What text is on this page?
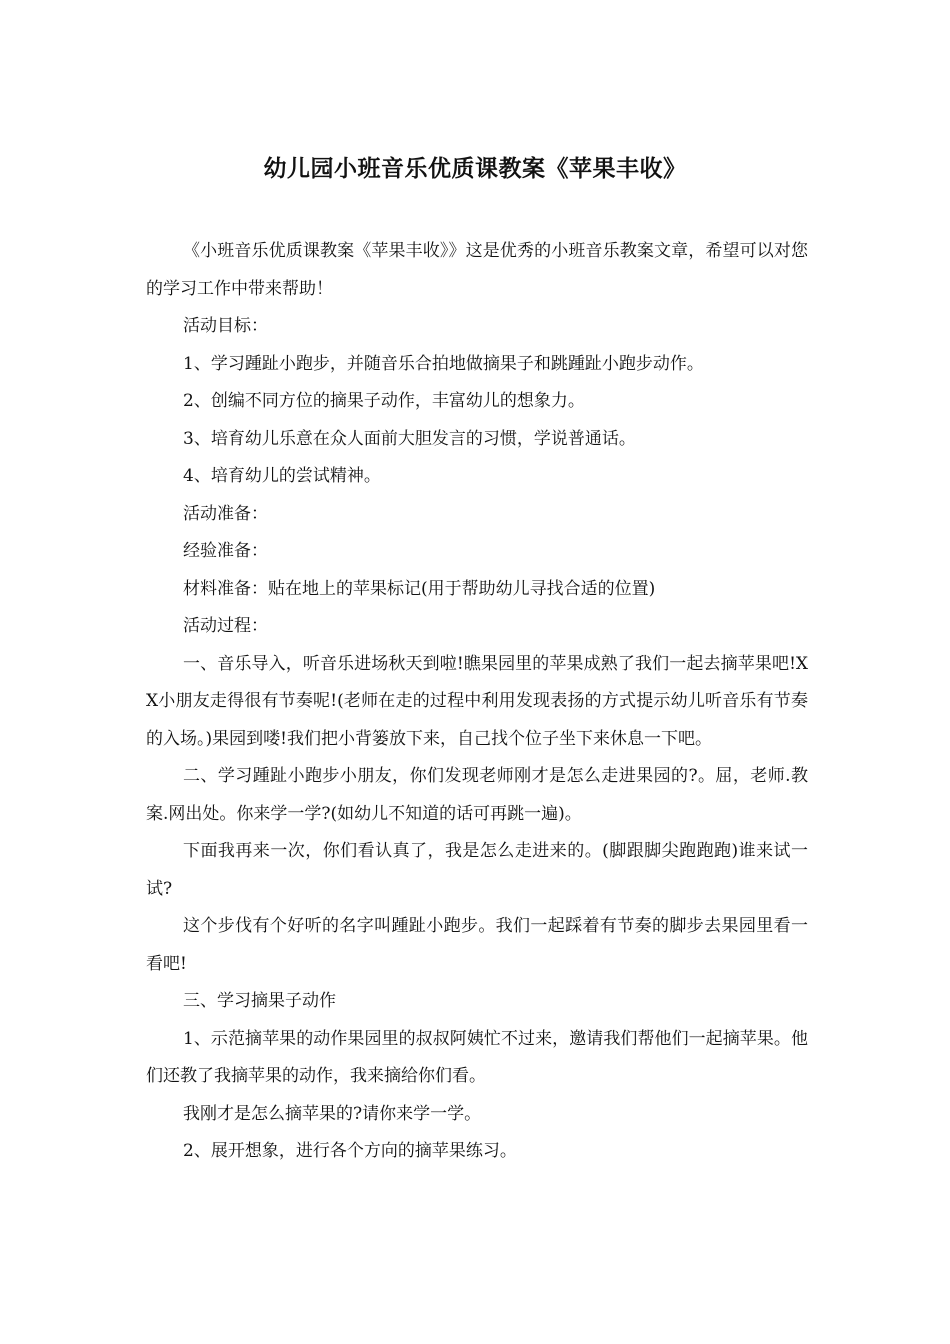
幼儿园小班音乐优质课教案《苹果丰收》

《小班音乐优质课教案《苹果丰收》》这是优秀的小班音乐教案文章，希望可以对您的学习工作中带来帮助！

活动目标：

1、学习踵趾小跑步，并随音乐合拍地做摘果子和跳踵趾小跑步动作。

2、创编不同方位的摘果子动作，丰富幼儿的想象力。

3、培育幼儿乐意在众人面前大胆发言的习惯，学说普通话。

4、培育幼儿的尝试精神。

活动准备：

经验准备：

材料准备：贴在地上的苹果标记(用于帮助幼儿寻找合适的位置)

活动过程：

一、音乐导入，听音乐进场秋天到啦!瞧果园里的苹果成熟了我们一起去摘苹果吧!XX小朋友走得很有节奏呢!(老师在走的过程中利用发现表扬的方式提示幼儿听音乐有节奏的入场。)果园到喽!我们把小背篓放下来，自己找个位子坐下来休息一下吧。

二、学习踵趾小跑步小朋友，你们发现老师刚才是怎么走进果园的?。屈，老师.教案.网出处。你来学一学?(如幼儿不知道的话可再跳一遍)。

下面我再来一次，你们看认真了，我是怎么走进来的。(脚跟脚尖跑跑跑)谁来试一试?

这个步伐有个好听的名字叫踵趾小跑步。我们一起踩着有节奏的脚步去果园里看一看吧!

三、学习摘果子动作

1、示范摘苹果的动作果园里的叔叔阿姨忙不过来，邀请我们帮他们一起摘苹果。他们还教了我摘苹果的动作，我来摘给你们看。

我刚才是怎么摘苹果的?请你来学一学。

2、展开想象，进行各个方向的摘苹果练习。
